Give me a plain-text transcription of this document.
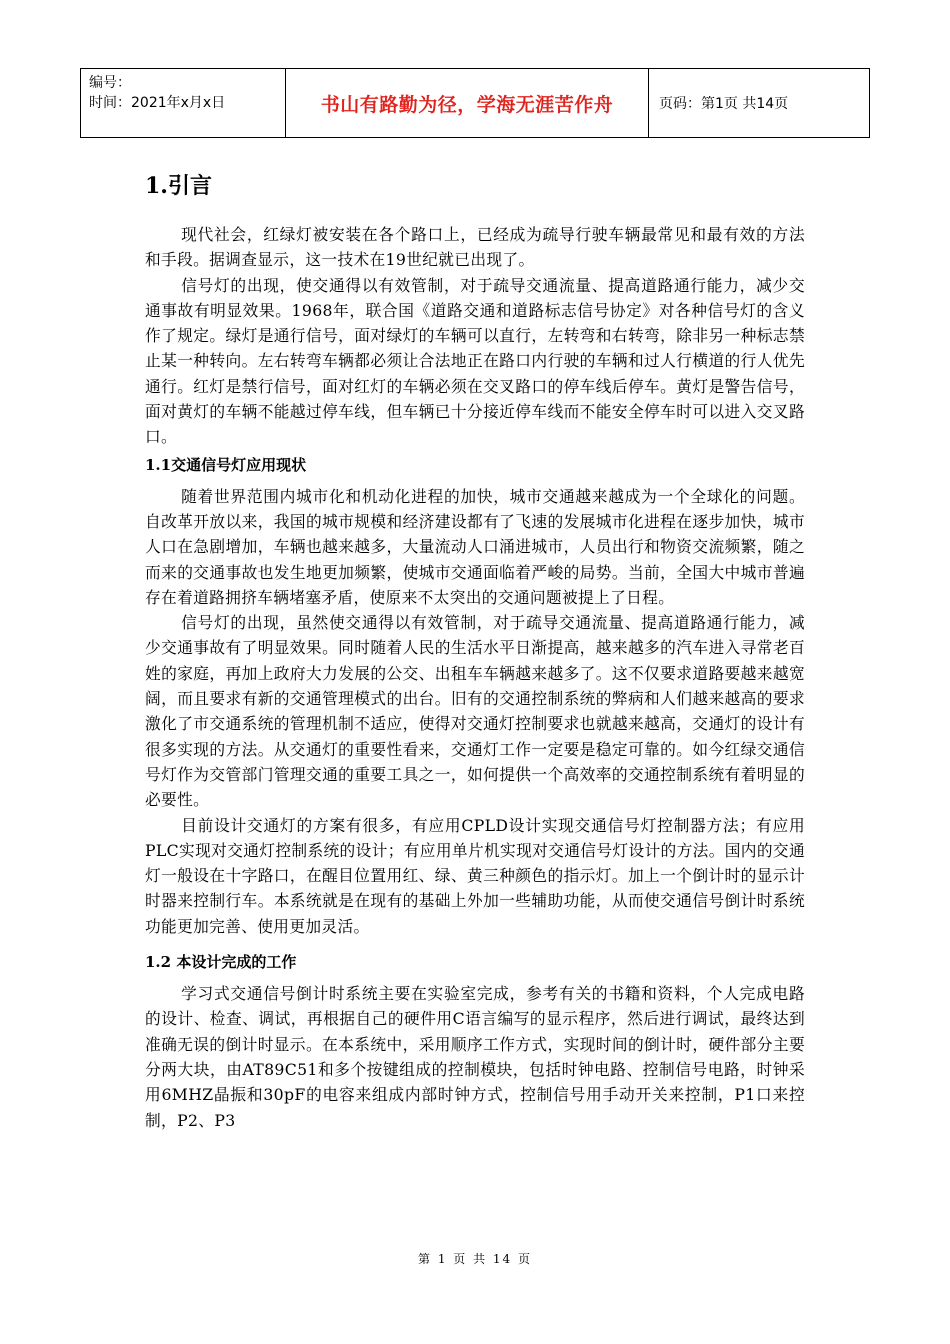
编号：
时间：2021年x月x日	书山有路勤为径，学海无涯苦作舟	页码：第1页 共14页
1.引言

现代社会，红绿灯被安装在各个路口上，已经成为疏导行驶车辆最常见和最有效的方法和手段。据调查显示，这一技术在19世纪就已出现了。

信号灯的出现，使交通得以有效管制，对于疏导交通流量、提高道路通行能力，减少交通事故有明显效果。1968年，联合国《道路交通和道路标志信号协定》对各种信号灯的含义作了规定。绿灯是通行信号，面对绿灯的车辆可以直行，左转弯和右转弯，除非另一种标志禁止某一种转向。左右转弯车辆都必须让合法地正在路口内行驶的车辆和过人行横道的行人优先通行。红灯是禁行信号，面对红灯的车辆必须在交叉路口的停车线后停车。黄灯是警告信号，面对黄灯的车辆不能越过停车线，但车辆已十分接近停车线而不能安全停车时可以进入交叉路口。

1.1交通信号灯应用现状

随着世界范围内城市化和机动化进程的加快，城市交通越来越成为一个全球化的问题。自改革开放以来，我国的城市规模和经济建设都有了飞速的发展城市化进程在逐步加快，城市人口在急剧增加，车辆也越来越多，大量流动人口涌进城市，人员出行和物资交流频繁，随之而来的交通事故也发生地更加频繁，使城市交通面临着严峻的局势。当前，全国大中城市普遍存在着道路拥挤车辆堵塞矛盾，使原来不太突出的交通问题被提上了日程。

信号灯的出现，虽然使交通得以有效管制，对于疏导交通流量、提高道路通行能力，减少交通事故有了明显效果。同时随着人民的生活水平日渐提高，越来越多的汽车进入寻常老百姓的家庭，再加上政府大力发展的公交、出租车车辆越来越多了。这不仅要求道路要越来越宽阔，而且要求有新的交通管理模式的出台。旧有的交通控制系统的弊病和人们越来越高的要求激化了市交通系统的管理机制不适应，使得对交通灯控制要求也就越来越高，交通灯的设计有很多实现的方法。从交通灯的重要性看来，交通灯工作一定要是稳定可靠的。如今红绿交通信号灯作为交管部门管理交通的重要工具之一，如何提供一个高效率的交通控制系统有着明显的必要性。

目前设计交通灯的方案有很多，有应用CPLD设计实现交通信号灯控制器方法；有应用PLC实现对交通灯控制系统的设计；有应用单片机实现对交通信号灯设计的方法。国内的交通灯一般设在十字路口，在醒目位置用红、绿、黄三种颜色的指示灯。加上一个倒计时的显示计时器来控制行车。本系统就是在现有的基础上外加一些辅助功能，从而使交通信号倒计时系统功能更加完善、使用更加灵活。

1.2 本设计完成的工作

学习式交通信号倒计时系统主要在实验室完成，参考有关的书籍和资料，个人完成电路的设计、检查、调试，再根据自己的硬件用C语言编写的显示程序，然后进行调试，最终达到准确无误的倒计时显示。在本系统中，采用顺序工作方式，实现时间的倒计时，硬件部分主要分两大块，由AT89C51和多个按键组成的控制模块，包括时钟电路、控制信号电路，时钟采用6MHZ晶振和30pF的电容来组成内部时钟方式，控制信号用手动开关来控制，P1口来控制，P2、P3

第 1 页 共 14 页
